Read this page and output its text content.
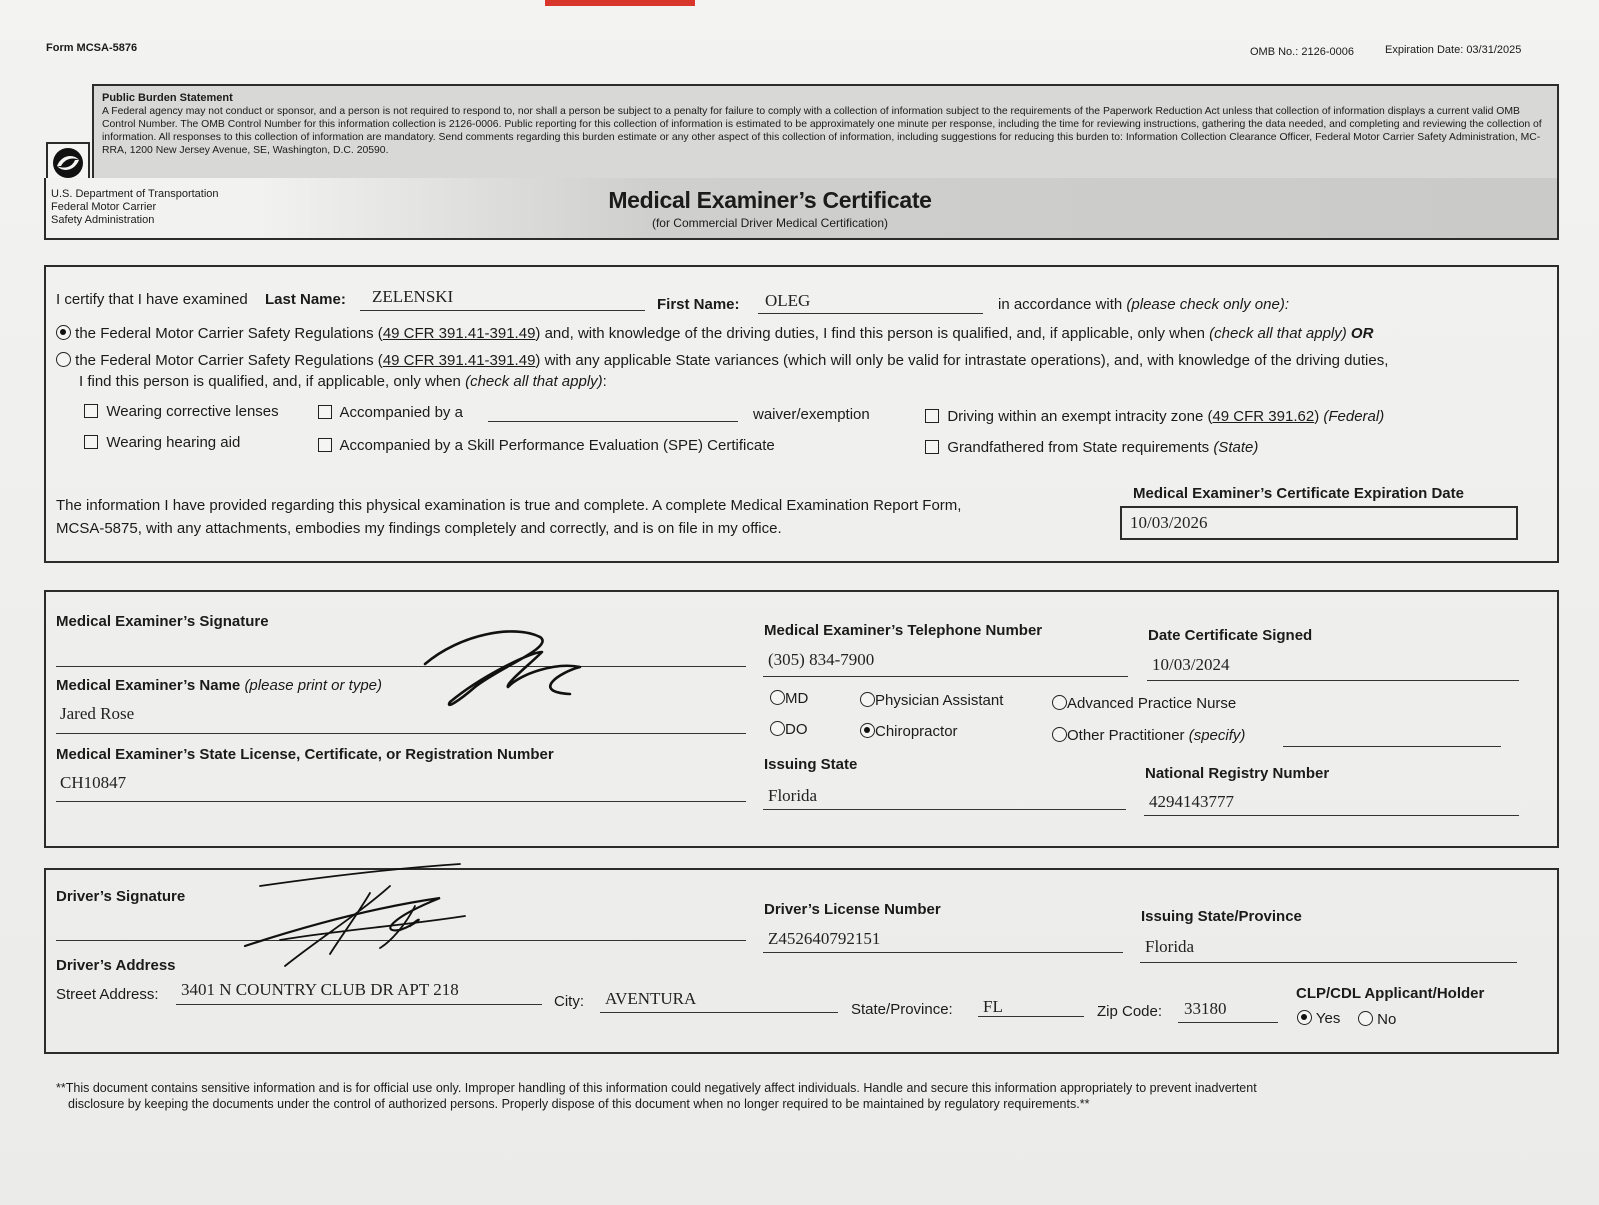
Form MCSA-5876	OMB No.: 2126-0006	Expiration Date: 03/31/2025
Public Burden Statement
A Federal agency may not conduct or sponsor, and a person is not required to respond to, nor shall a person be subject to a penalty for failure to comply with a collection of information subject to the requirements of the Paperwork Reduction Act unless that collection of information displays a current valid OMB Control Number. The OMB Control Number for this information collection is 2126-0006. Public reporting for this collection of information is estimated to be approximately one minute per response, including the time for reviewing instructions, gathering the data needed, and completing and reviewing the collection of information. All responses to this collection of information are mandatory. Send comments regarding this burden estimate or any other aspect of this collection of information, including suggestions for reducing this burden to: Information Collection Clearance Officer, Federal Motor Carrier Safety Administration, MC-RRA, 1200 New Jersey Avenue, SE, Washington, D.C. 20590.
U.S. Department of Transportation
Federal Motor Carrier
Safety Administration
Medical Examiner’s Certificate
(for Commercial Driver Medical Certification)
I certify that I have examined Last Name: ZELENSKI	First Name: OLEG	in accordance with (please check only one):
the Federal Motor Carrier Safety Regulations (49 CFR 391.41-391.49) and, with knowledge of the driving duties, I find this person is qualified, and, if applicable, only when (check all that apply) OR
the Federal Motor Carrier Safety Regulations (49 CFR 391.41-391.49) with any applicable State variances (which will only be valid for intrastate operations), and, with knowledge of the driving duties,
I find this person is qualified, and, if applicable, only when (check all that apply):
Wearing corrective lenses
Wearing hearing aid
Accompanied by a	waiver/exemption
Accompanied by a Skill Performance Evaluation (SPE) Certificate
Driving within an exempt intracity zone (49 CFR 391.62) (Federal)
Grandfathered from State requirements (State)
The information I have provided regarding this physical examination is true and complete. A complete Medical Examination Report Form,
MCSA-5875, with any attachments, embodies my findings completely and correctly, and is on file in my office.
Medical Examiner’s Certificate Expiration Date
10/03/2026
Medical Examiner’s Signature
Medical Examiner’s Name (please print or type)
Jared Rose
Medical Examiner’s State License, Certificate, or Registration Number
CH10847
Medical Examiner’s Telephone Number
(305) 834-7900
Date Certificate Signed
10/03/2024
MD
DO
Physician Assistant
Chiropractor
Advanced Practice Nurse
Other Practitioner (specify)
Issuing State
Florida
National Registry Number
4294143777
Driver’s Signature
Driver’s License Number
Z452640792151
Issuing State/Province
Florida
Driver’s Address
Street Address: 3401 N COUNTRY CLUB DR APT 218
City: AVENTURA
State/Province: FL	Zip Code: 33180
CLP/CDL Applicant/Holder
Yes	No
**This document contains sensitive information and is for official use only. Improper handling of this information could negatively affect individuals. Handle and secure this information appropriately to prevent inadvertent
disclosure by keeping the documents under the control of authorized persons. Properly dispose of this document when no longer required to be maintained by regulatory requirements.**
